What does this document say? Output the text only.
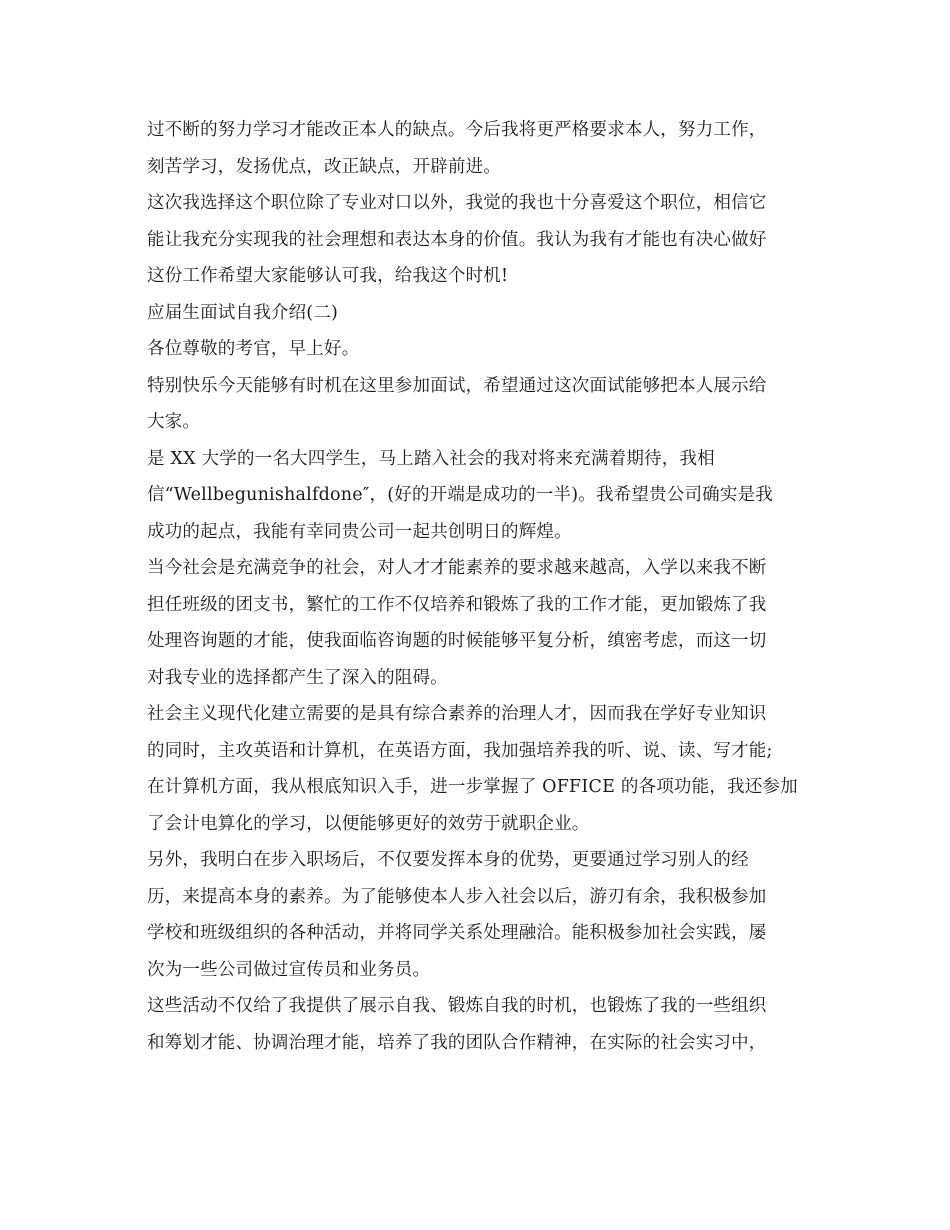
过不断的努力学习才能改正本人的缺点。今后我将更严格要求本人，努力工作，
刻苦学习，发扬优点，改正缺点，开辟前进。
这次我选择这个职位除了专业对口以外，我觉的我也十分喜爱这个职位，相信它
能让我充分实现我的社会理想和表达本身的价值。我认为我有才能也有决心做好
这份工作希望大家能够认可我，给我这个时机!
应届生面试自我介绍(二)
各位尊敬的考官，早上好。
特别快乐今天能够有时机在这里参加面试，希望通过这次面试能够把本人展示给
大家。
是 XX 大学的一名大四学生，马上踏入社会的我对将来充满着期待，我相
信“Wellbegunishalfdone″，(好的开端是成功的一半)。我希望贵公司确实是我
成功的起点，我能有幸同贵公司一起共创明日的辉煌。
当今社会是充满竞争的社会，对人才才能素养的要求越来越高，入学以来我不断
担任班级的团支书，繁忙的工作不仅培养和锻炼了我的工作才能，更加锻炼了我
处理咨询题的才能，使我面临咨询题的时候能够平复分析，缜密考虑，而这一切
对我专业的选择都产生了深入的阻碍。
社会主义现代化建立需要的是具有综合素养的治理人才，因而我在学好专业知识
的同时，主攻英语和计算机，在英语方面，我加强培养我的听、说、读、写才能;
在计算机方面，我从根底知识入手，进一步掌握了 OFFICE 的各项功能，我还参加
了会计电算化的学习，以便能够更好的效劳于就职企业。
另外，我明白在步入职场后，不仅要发挥本身的优势，更要通过学习别人的经
历，来提高本身的素养。为了能够使本人步入社会以后，游刃有余，我积极参加
学校和班级组织的各种活动，并将同学关系处理融洽。能积极参加社会实践，屡
次为一些公司做过宣传员和业务员。
这些活动不仅给了我提供了展示自我、锻炼自我的时机，也锻炼了我的一些组织
和筹划才能、协调治理才能，培养了我的团队合作精神，在实际的社会实习中，
